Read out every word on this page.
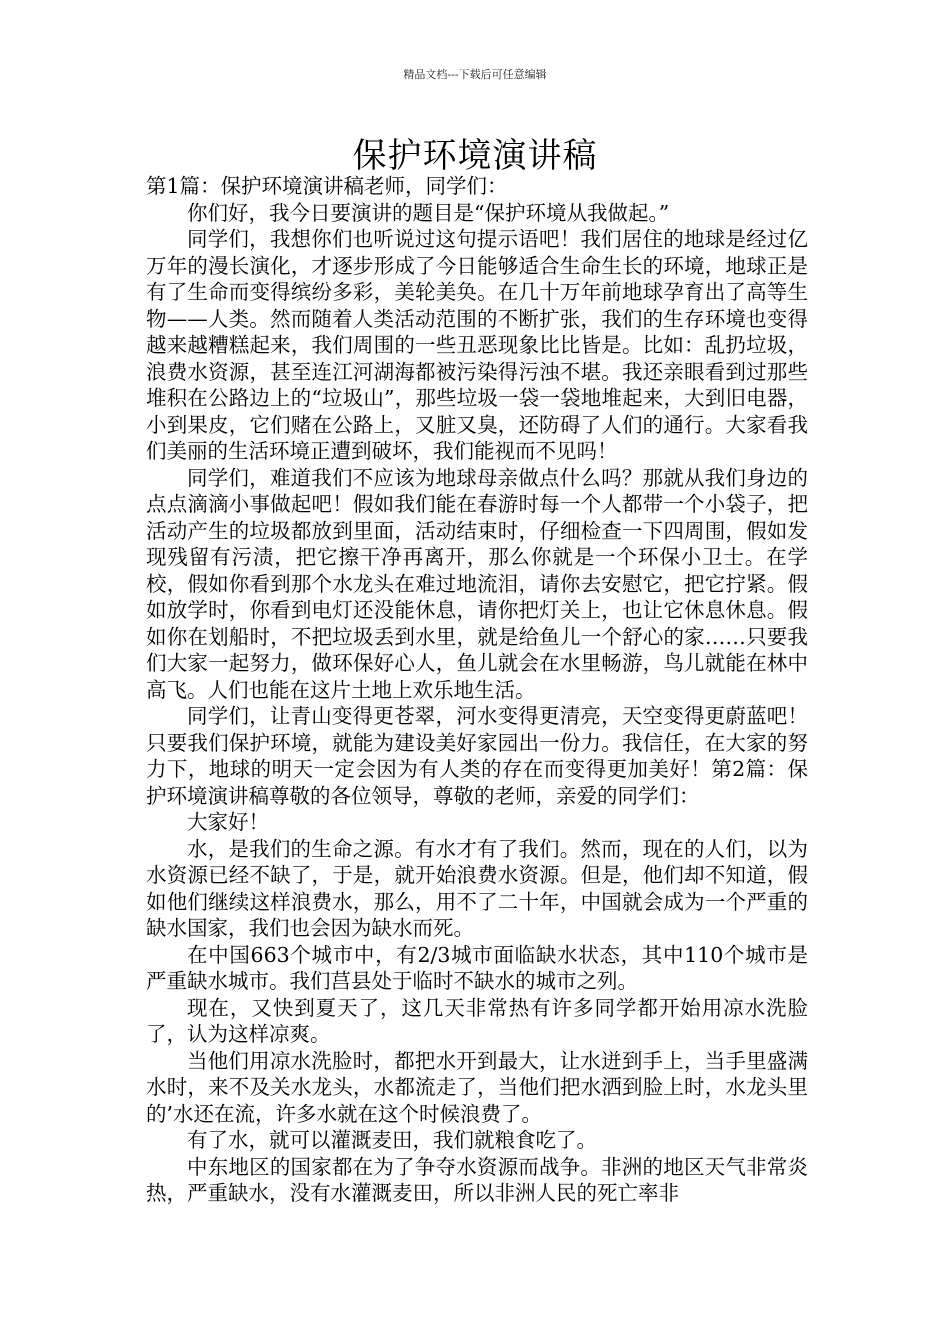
精品文档---下载后可任意编辑
保护环境演讲稿

第1篇：保护环境演讲稿老师，同学们：

你们好，我今日要演讲的题目是“保护环境从我做起。”

同学们，我想你们也听说过这句提示语吧！我们居住的地球是经过亿万年的漫长演化，才逐步形成了今日能够适合生命生长的环境，地球正是有了生命而变得缤纷多彩，美轮美奂。在几十万年前地球孕育出了高等生物——人类。然而随着人类活动范围的不断扩张，我们的生存环境也变得越来越糟糕起来，我们周围的一些丑恶现象比比皆是。比如：乱扔垃圾，浪费水资源，甚至连江河湖海都被污染得污浊不堪。我还亲眼看到过那些堆积在公路边上的“垃圾山”，那些垃圾一袋一袋地堆起来，大到旧电器，小到果皮，它们赌在公路上，又脏又臭，还防碍了人们的通行。大家看我们美丽的生活环境正遭到破坏，我们能视而不见吗！

同学们，难道我们不应该为地球母亲做点什么吗？那就从我们身边的点点滴滴小事做起吧！假如我们能在春游时每一个人都带一个小袋子，把活动产生的垃圾都放到里面，活动结束时，仔细检查一下四周围，假如发现残留有污渍，把它擦干净再离开，那么你就是一个环保小卫士。在学校，假如你看到那个水龙头在难过地流泪，请你去安慰它，把它拧紧。假如放学时，你看到电灯还没能休息，请你把灯关上，也让它休息休息。假如你在划船时，不把垃圾丢到水里，就是给鱼儿一个舒心的家……只要我们大家一起努力，做环保好心人，鱼儿就会在水里畅游，鸟儿就能在林中高飞。人们也能在这片土地上欢乐地生活。

同学们，让青山变得更苍翠，河水变得更清亮，天空变得更蔚蓝吧！只要我们保护环境，就能为建设美好家园出一份力。我信任，在大家的努力下，地球的明天一定会因为有人类的存在而变得更加美好！第2篇：保护环境演讲稿尊敬的各位领导，尊敬的老师，亲爱的同学们：

大家好！

水，是我们的生命之源。有水才有了我们。然而，现在的人们，以为水资源已经不缺了，于是，就开始浪费水资源。但是，他们却不知道，假如他们继续这样浪费水，那么，用不了二十年，中国就会成为一个严重的缺水国家，我们也会因为缺水而死。

在中国663个城市中，有2/3城市面临缺水状态，其中110个城市是严重缺水城市。我们莒县处于临时不缺水的城市之列。

现在，又快到夏天了，这几天非常热有许多同学都开始用凉水洗脸了，认为这样凉爽。

当他们用凉水洗脸时，都把水开到最大，让水迸到手上，当手里盛满水时，来不及关水龙头，水都流走了，当他们把水洒到脸上时，水龙头里的’水还在流，许多水就在这个时候浪费了。

有了水，就可以灌溉麦田，我们就粮食吃了。

中东地区的国家都在为了争夺水资源而战争。非洲的地区天气非常炎热，严重缺水，没有水灌溉麦田，所以非洲人民的死亡率非
